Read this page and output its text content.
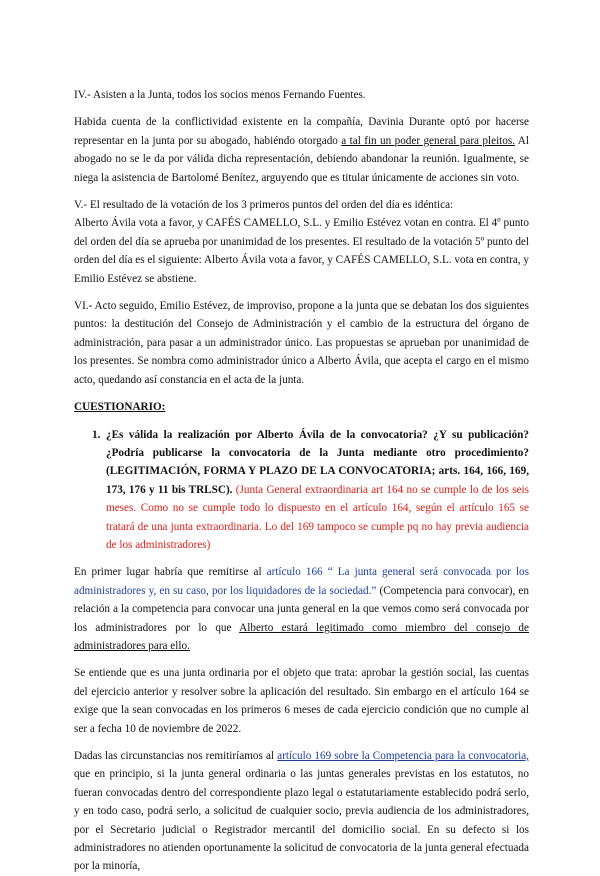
IV.- Asisten a la Junta, todos los socios menos Fernando Fuentes.

Habida cuenta de la conflictividad existente en la compañía, Davinia Durante optó por hacerse representar en la junta por su abogado, habiéndo otorgado a tal fin un poder general para pleitos. Al abogado no se le da por válida dicha representación, debiendo abandonar la reunión. Igualmente, se niega la asistencia de Bartolomé Benítez, arguyendo que es titular únicamente de acciones sin voto.

V.- El resultado de la votación de los 3 primeros puntos del orden del día es idéntica:
Alberto Ávila vota a favor, y CAFÉS CAMELLO, S.L. y Emilio Estévez votan en contra. El 4º punto del orden del día se aprueba por unanimidad de los presentes. El resultado de la votación 5º punto del orden del día es el siguiente: Alberto Ávila vota a favor, y CAFÉS CAMELLO, S.L. vota en contra, y Emilio Estévez se abstiene.

VI.- Acto seguido, Emilio Estévez, de improviso, propone a la junta que se debatan los dos siguientes puntos: la destitución del Consejo de Administración y el cambio de la estructura del órgano de administración, para pasar a un administrador único. Las propuestas se aprueban por unanimidad de los presentes. Se nombra como administrador único a Alberto Ávila, que acepta el cargo en el mismo acto, quedando así constancia en el acta de la junta.

CUESTIONARIO:

1. ¿Es válida la realización por Alberto Ávila de la convocatoria? ¿Y su publicación? ¿Podría publicarse la convocatoria de la Junta mediante otro procedimiento? (LEGITIMACIÓN, FORMA Y PLAZO DE LA CONVOCATORIA; arts. 164, 166, 169, 173, 176 y 11 bis TRLSC). (Junta General extraordinaria art 164 no se cumple lo de los seis meses. Como no se cumple todo lo dispuesto en el artículo 164, según el artículo 165 se tratará de una junta extraordinaria. Lo del 169 tampoco se cumple pq no hay previa audiencia de los administradores)

En primer lugar habría que remitirse al artículo 166 “ La junta general será convocada por los administradores y, en su caso, por los liquidadores de la sociedad.” (Competencia para convocar), en relación a la competencia para convocar una junta general en la que vemos como será convocada por los administradores por lo que Alberto estará legitimado como miembro del consejo de administradores para ello.

Se entiende que es una junta ordinaria por el objeto que trata: aprobar la gestión social, las cuentas del ejercicio anterior y resolver sobre la aplicación del resultado. Sin embargo en el artículo 164 se exige que la sean convocadas en los primeros 6 meses de cada ejercicio condición que no cumple al ser a fecha 10 de noviembre de 2022.

Dadas las circunstancias nos remitiríamos al artículo 169 sobre la Competencia para la convocatoria, que en principio, si la junta general ordinaria o las juntas generales previstas en los estatutos, no fueran convocadas dentro del correspondiente plazo legal o estatutariamente establecido podrá serlo, y en todo caso, podrá serlo, a solicitud de cualquier socio, previa audiencia de los administradores, por el Secretario judicial o Registrador mercantil del domicilio social. En su defecto si los administradores no atienden oportunamente la solicitud de convocatoria de la junta general efectuada por la minoría,
